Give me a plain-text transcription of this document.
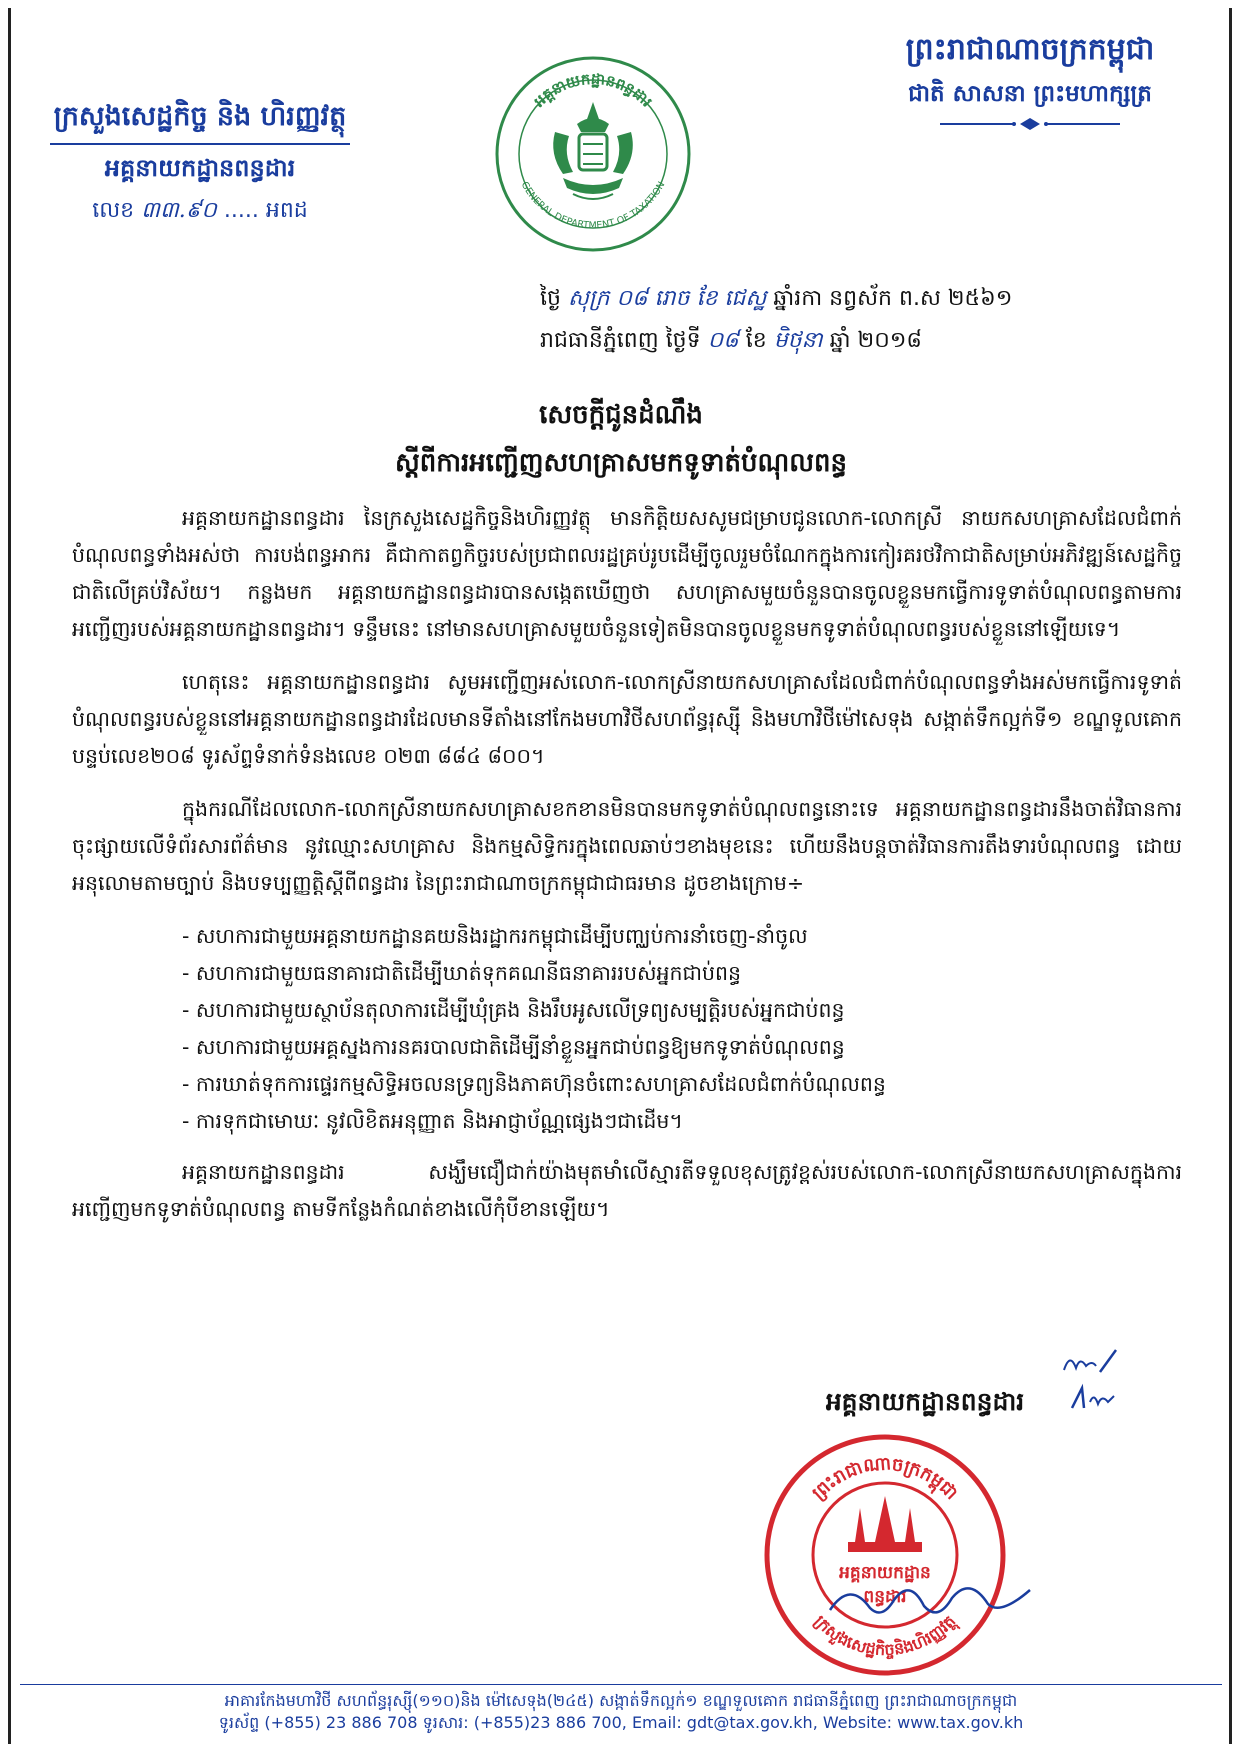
ក្រសួងសេដ្ឋកិច្ច និង ហិរញ្ញវត្ថុ
អគ្គនាយកដ្ឋានពន្ធដារ
លេខ ៣៣.៩០ ..... អពដ
ព្រះរាជាណាចក្រកម្ពុជា
ជាតិ សាសនា ព្រះមហាក្សត្រ
អគ្គនាយកដ្ឋានពន្ធដារ
GENERAL DEPARTMENT OF TAXATION
ថ្ងៃ សុក្រ ០៨ រោច ខែ ជេស្ឋ ឆ្នាំរកា នព្វស័ក ព.ស ២៥៦១
រាជធានីភ្នំពេញ ថ្ងៃទី ០៨ ខែ មិថុនា ឆ្នាំ ២០១៨
សេចក្តីជូនដំណឹង
ស្តីពីការអញ្ជើញសហគ្រាសមកទូទាត់បំណុលពន្ធ

អគ្គនាយកដ្ឋានពន្ធដារ នៃក្រសួងសេដ្ឋកិច្ចនិងហិរញ្ញវត្ថុ មានកិត្តិយសសូមជម្រាបជូនលោក-លោកស្រី នាយកសហគ្រាសដែលជំពាក់បំណុលពន្ធទាំងអស់ថា ការបង់ពន្ធអាករ គឺជាកាតព្វកិច្ចរបស់ប្រជាពលរដ្ឋគ្រប់រូបដើម្បីចូលរួមចំណែកក្នុងការកៀរគរថវិកាជាតិសម្រាប់អភិវឌ្ឍន៍សេដ្ឋកិច្ចជាតិលើគ្រប់វិស័យ។ កន្លងមក អគ្គនាយកដ្ឋានពន្ធដារបានសង្កេតឃើញថា សហគ្រាសមួយចំនួនបានចូលខ្លួនមកធ្វើការទូទាត់បំណុលពន្ធតាមការអញ្ជើញរបស់អគ្គនាយកដ្ឋានពន្ធដារ។ ទន្ទឹមនេះ នៅមានសហគ្រាសមួយចំនួនទៀតមិនបានចូលខ្លួនមកទូទាត់បំណុលពន្ធរបស់ខ្លួននៅឡើយទេ។

ហេតុនេះ អគ្គនាយកដ្ឋានពន្ធដារ សូមអញ្ជើញអស់លោក-លោកស្រីនាយកសហគ្រាសដែលជំពាក់បំណុលពន្ធទាំងអស់មកធ្វើការទូទាត់បំណុលពន្ធរបស់ខ្លួននៅអគ្គនាយកដ្ឋានពន្ធដារដែលមានទីតាំងនៅកែងមហាវិថីសហព័ន្ធរុស្ស៊ី និងមហាវិថីម៉ៅសេទុង សង្កាត់ទឹកល្អក់ទី១ ខណ្ឌទួលគោក បន្ទប់លេខ២០៨ ទូរស័ព្ទទំនាក់ទំនងលេខ ០២៣ ៨៨៤ ៨០០។

ក្នុងករណីដែលលោក-លោកស្រីនាយកសហគ្រាសខកខានមិនបានមកទូទាត់បំណុលពន្ធនោះទេ អគ្គនាយកដ្ឋានពន្ធដារនឹងចាត់វិធានការចុះផ្សាយលើទំព័រសារព័ត៌មាន នូវឈ្មោះសហគ្រាស និងកម្មសិទ្ធិករក្នុងពេលឆាប់ៗខាងមុខនេះ ហើយនឹងបន្តចាត់វិធានការតឹងទារបំណុលពន្ធ ដោយអនុលោមតាមច្បាប់ និងបទប្បញ្ញត្តិស្តីពីពន្ធដារ នៃព្រះរាជាណាចក្រកម្ពុជាជាធរមាន ដូចខាងក្រោម÷

- សហការជាមួយអគ្គនាយកដ្ឋានគយនិងរដ្ឋាករកម្ពុជាដើម្បីបញ្ឈប់ការនាំចេញ-នាំចូល
- សហការជាមួយធនាគារជាតិដើម្បីឃាត់ទុកគណនីធនាគាររបស់អ្នកជាប់ពន្ធ
- សហការជាមួយស្ថាប័នតុលាការដើម្បីឃុំគ្រង និងរឹបអូសលើទ្រព្យសម្បត្តិរបស់អ្នកជាប់ពន្ធ
- សហការជាមួយអគ្គស្នងការនគរបាលជាតិដើម្បីនាំខ្លួនអ្នកជាប់ពន្ធឱ្យមកទូទាត់បំណុលពន្ធ
- ការឃាត់ទុកការផ្ទេរកម្មសិទ្ធិអចលនទ្រព្យនិងភាគហ៊ុនចំពោះសហគ្រាសដែលជំពាក់បំណុលពន្ធ
- ការទុកជាមោឃៈ នូវលិខិតអនុញ្ញាត និងអាជ្ញាប័ណ្ណផ្សេងៗជាដើម។

អគ្គនាយកដ្ឋានពន្ធដារ សង្ឃឹមជឿជាក់យ៉ាងមុតមាំលើស្មារតីទទួលខុសត្រូវខ្ពស់របស់លោក-លោកស្រីនាយកសហគ្រាសក្នុងការអញ្ជើញមកទូទាត់បំណុលពន្ធ តាមទីកន្លែងកំណត់ខាងលើកុំបីខានឡើយ។

អគ្គនាយកដ្ឋានពន្ធដារ
ព្រះរាជាណាចក្រកម្ពុជា
ក្រសួងសេដ្ឋកិច្ចនិងហិរញ្ញវត្ថុ
អគ្គនាយកដ្ឋាន
ពន្ធដារ
អាគារកែងមហាវិថី សហព័ន្ធរុស្ស៊ី(១១០)និង ម៉ៅសេទុង(២៤៥) សង្កាត់ទឹកល្អក់១ ខណ្ឌទួលគោក រាជធានីភ្នំពេញ ព្រះរាជាណាចក្រកម្ពុជា
ទូរស័ព្ទ (+855) 23 886 708 ទូរសារ: (+855)23 886 700, Email: gdt@tax.gov.kh, Website: www.tax.gov.kh
